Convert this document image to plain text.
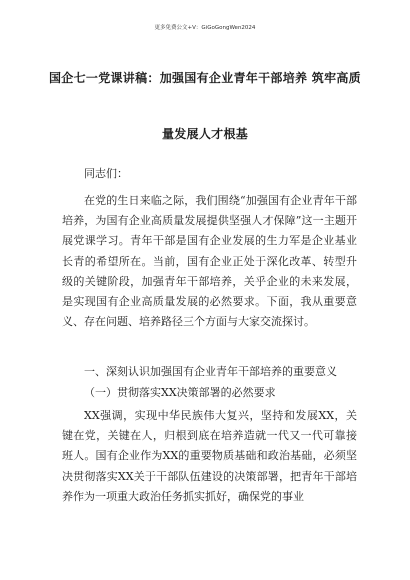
更多免费公文+V：GiGoGongWen2024
国企七一党课讲稿：加强国有企业青年干部培养 筑牢高质
量发展人才根基
同志们：

在党的生日来临之际，我们围绕“加强国有企业青年干部培养，为国有企业高质量发展提供坚强人才保障”这一主题开展党课学习。青年干部是国有企业发展的生力军是企业基业长青的希望所在。当前，国有企业正处于深化改革、转型升级的关键阶段，加强青年干部培养，关乎企业的未来发展，是实现国有企业高质量发展的必然要求。下面，我从重要意义、存在问题、培养路径三个方面与大家交流探讨。

一、深刻认识加强国有企业青年干部培养的重要意义
（一）贯彻落实XX决策部署的必然要求

XX强调，实现中华民族伟大复兴，坚持和发展XX，关键在党，关键在人，归根到底在培养造就一代又一代可靠接班人。国有企业作为XX的重要物质基础和政治基础，必须坚决贯彻落实XX关于干部队伍建设的决策部署，把青年干部培养作为一项重大政治任务抓实抓好，确保党的事业
